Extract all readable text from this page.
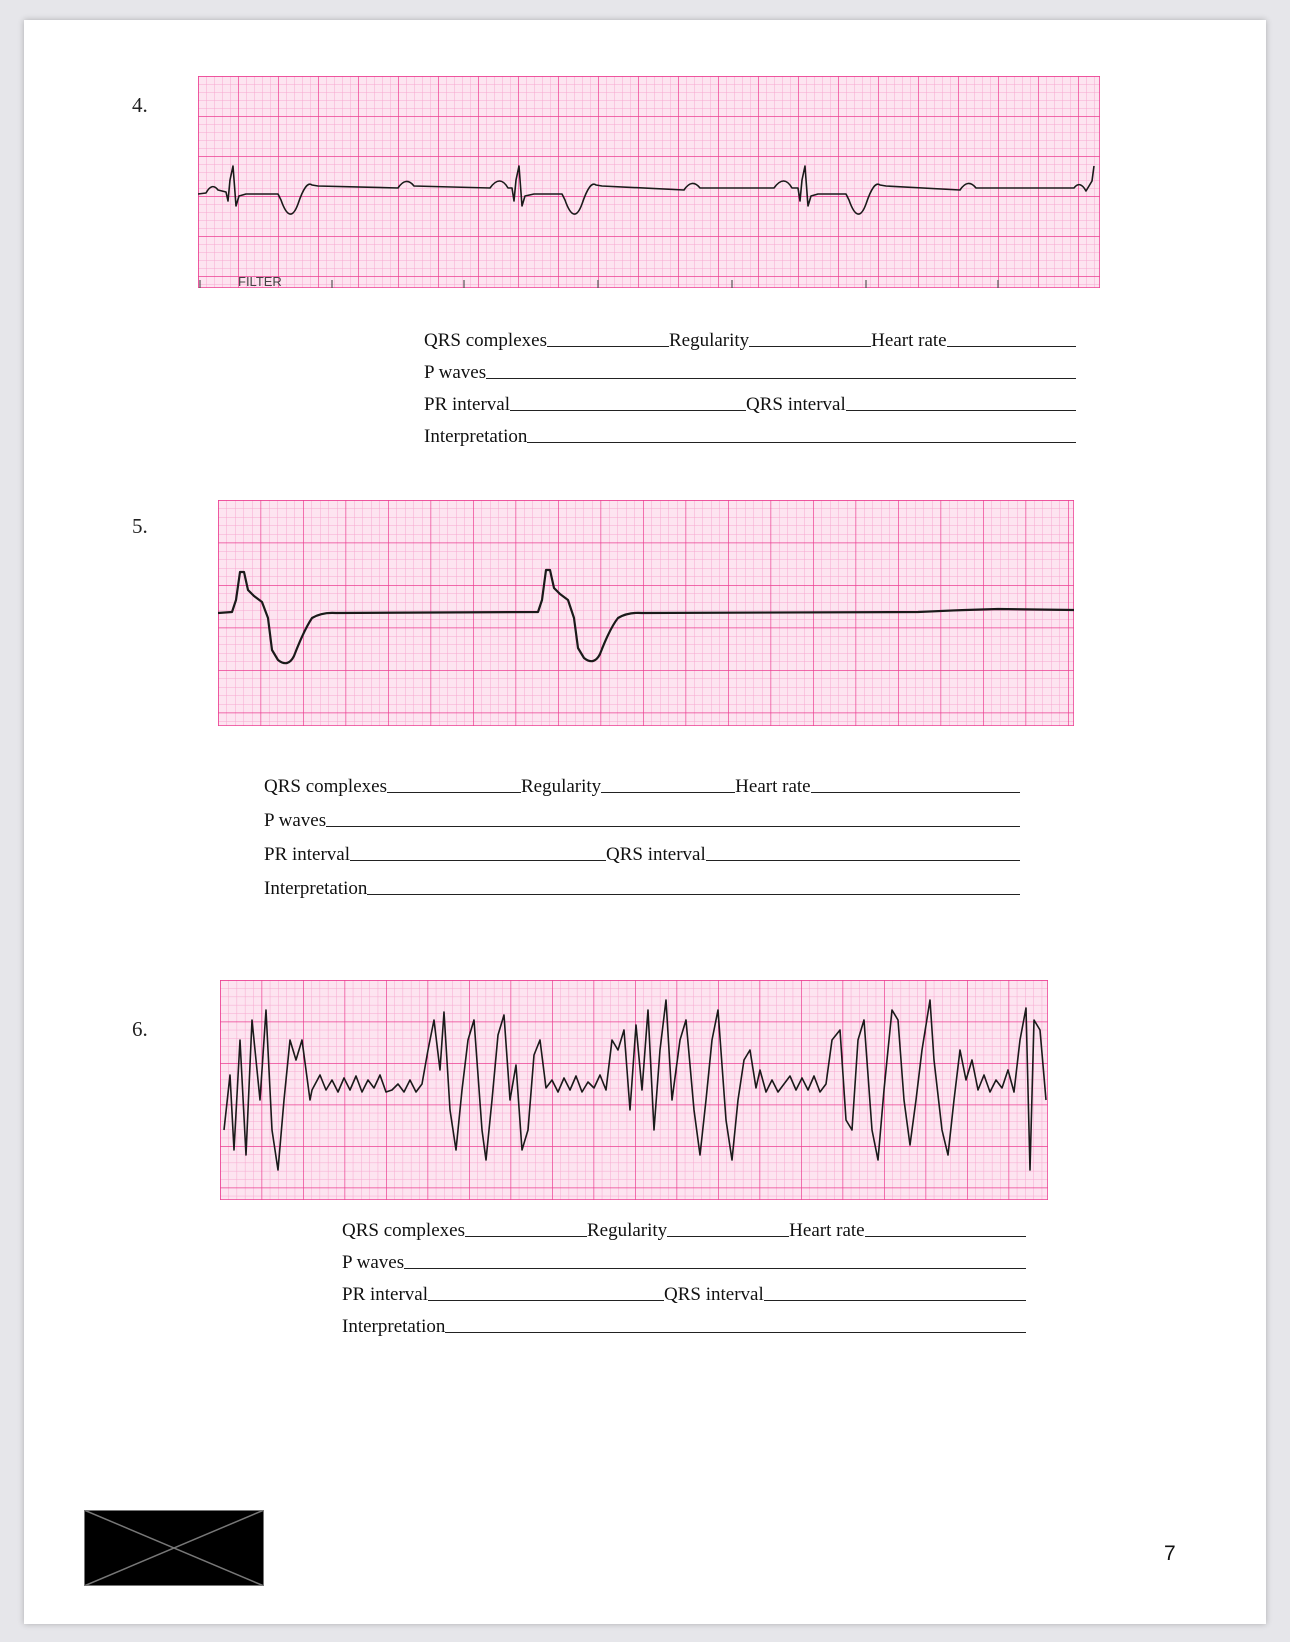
4.
FILTER
QRS complexes	Regularity	Heart rate
P waves
PR interval	QRS interval
Interpretation
5.
QRS complexes	Regularity	Heart rate
P waves
PR interval	QRS interval
Interpretation
6.
QRS complexes	Regularity	Heart rate
P waves
PR interval	QRS interval
Interpretation
7
